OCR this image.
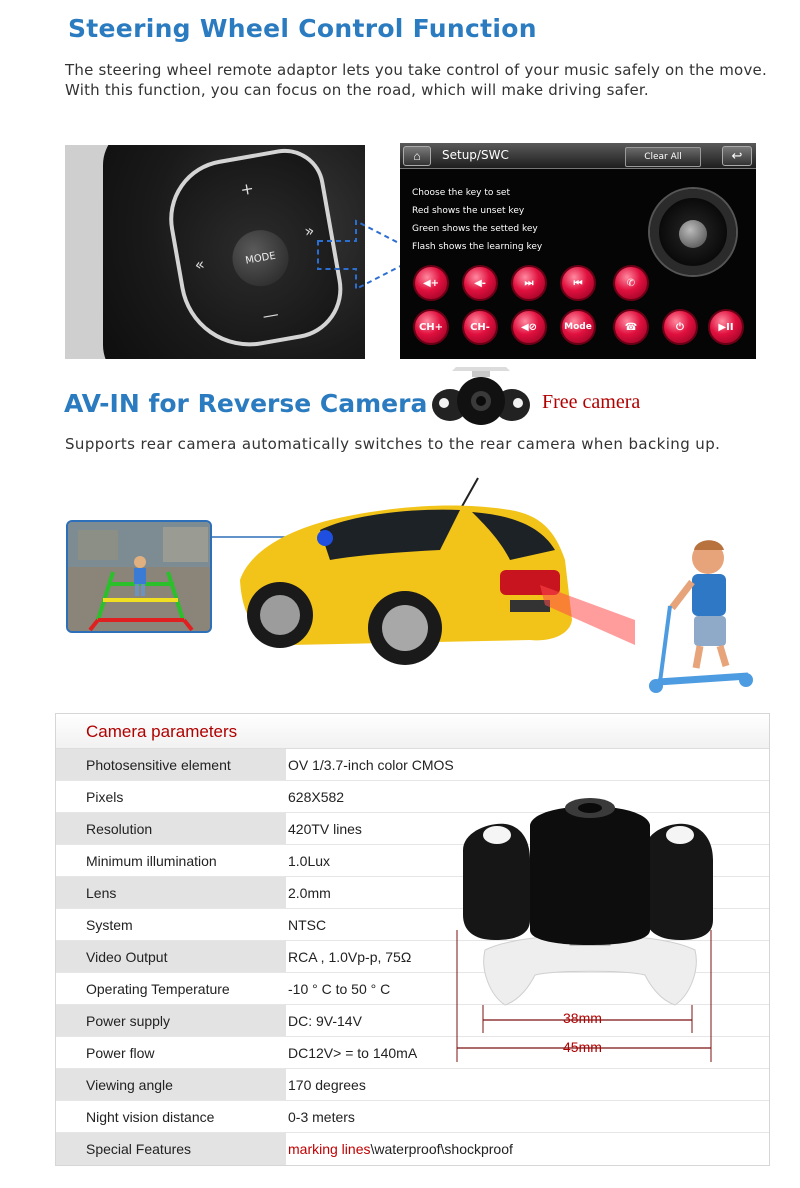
Steering Wheel Control Function
The steering wheel remote adaptor lets you take control of your music safely on the move.
With this function, you can focus on the road, which will make driving safer.
+
—
«
»
MODE
⌂	Setup/SWC	Clear All	↩
Choose the key to set
Red shows the unset key
Green shows the setted key
Flash shows the learning key
◀+	◀-	⏭	⏮	✆
CH+	CH-	◀⊘	Mode	☎	⏻	▶II
AV-IN for Reverse Camera	Free camera
Supports rear camera automatically switches to the rear camera when backing up.
Camera parameters
Photosensitive element	OV 1/3.7-inch color CMOS
Pixels	628X582
Resolution	420TV lines
Minimum illumination	1.0Lux
Lens	2.0mm
System	NTSC
Video Output	RCA , 1.0Vp-p, 75Ω
Operating Temperature	-10 ° C to 50 ° C
Power supply	DC: 9V-14V
Power flow	DC12V> = to 140mA
Viewing angle	170 degrees
Night vision distance	0-3 meters
Special Features	marking lines\waterproof\shockproof
38mm
45mm
